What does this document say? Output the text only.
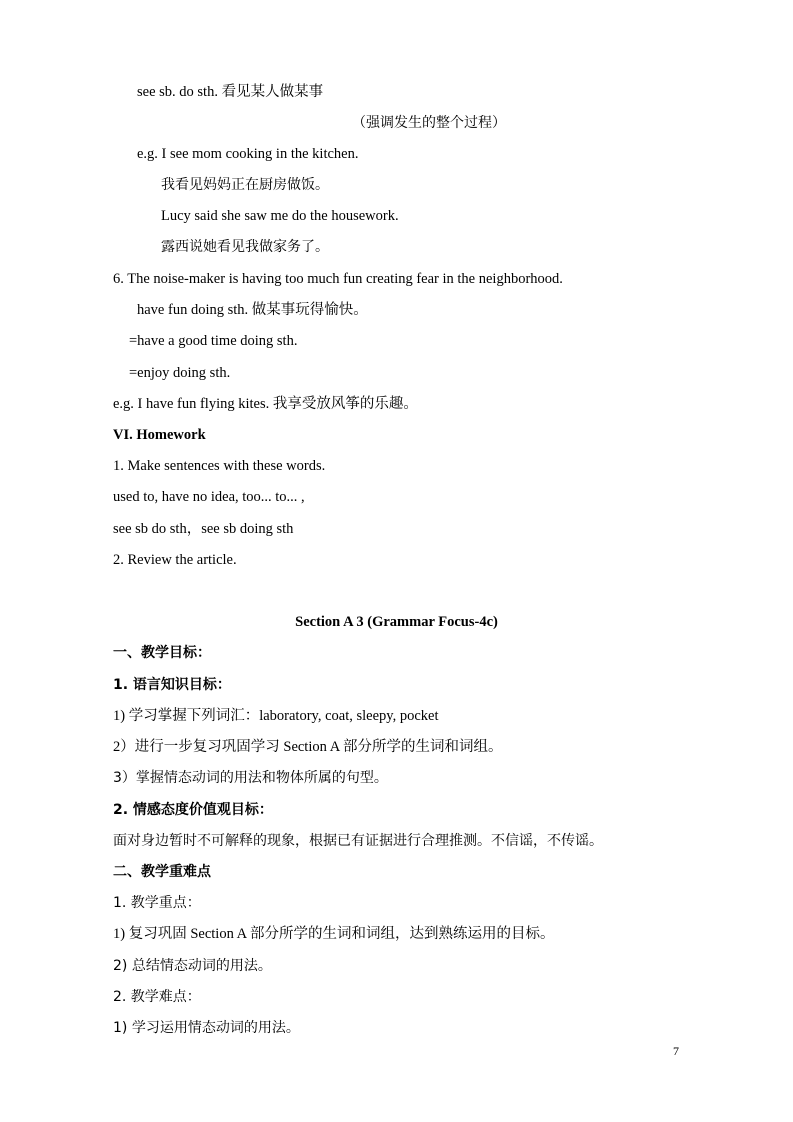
see sb. do sth. 看见某人做某事
（强调发生的整个过程）
e.g. I see mom cooking in the kitchen.
我看见妈妈正在厨房做饭。
Lucy said she saw me do the housework.
露西说她看见我做家务了。
6. The noise-maker is having too much fun creating fear in the neighborhood.
have fun doing sth. 做某事玩得愉快。
=have a good time doing sth.
=enjoy doing sth.
e.g. I have fun flying kites. 我享受放风筝的乐趣。
VI. Homework
1. Make sentences with these words.
used to, have no idea, too... to... ,
see sb do sth，see sb doing sth
2. Review the article.
Section A 3 (Grammar Focus-4c)
一、教学目标：
1. 语言知识目标：
1) 学习掌握下列词汇：laboratory, coat, sleepy, pocket
2）进行一步复习巩固学习 Section A 部分所学的生词和词组。
3）掌握情态动词的用法和物体所属的句型。
2. 情感态度价值观目标：
面对身边暂时不可解释的现象，根据已有证据进行合理推测。不信谣，不传谣。
二、教学重难点
1. 教学重点：
1) 复习巩固 Section A 部分所学的生词和词组，达到熟练运用的目标。
2) 总结情态动词的用法。
2. 教学难点：
1) 学习运用情态动词的用法。
7
